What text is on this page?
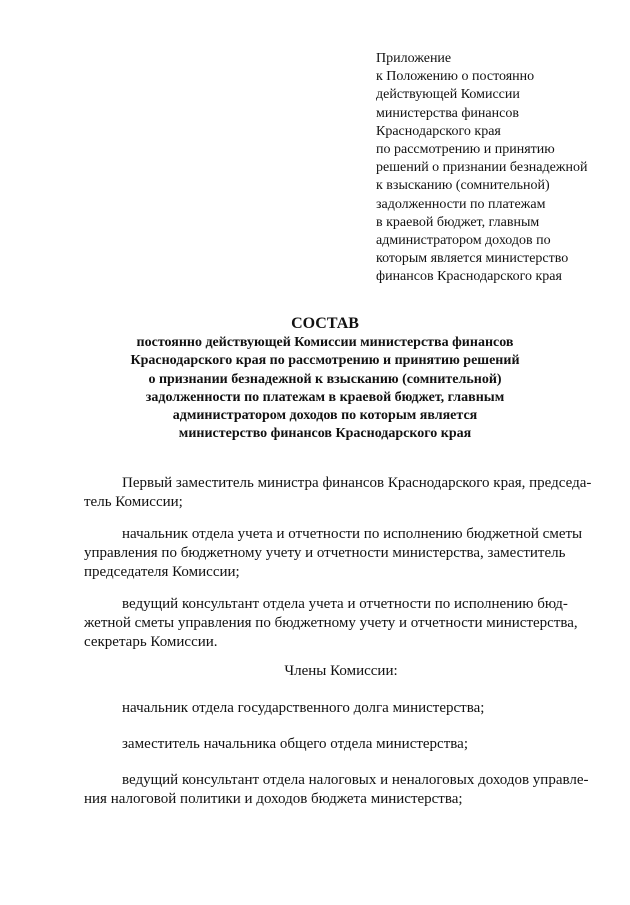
Приложение
к Положению о постоянно
действующей Комиссии
министерства финансов
Краснодарского края
по рассмотрению и принятию
решений о признании безнадежной
к взысканию (сомнительной)
задолженности по платежам
в краевой бюджет, главным
администратором доходов по
которым является министерство
финансов Краснодарского края
СОСТАВ
постоянно действующей Комиссии министерства финансов
Краснодарского края по рассмотрению и принятию решений
о признании безнадежной к взысканию (сомнительной)
задолженности по платежам в краевой бюджет, главным
администратором доходов по которым является
министерство финансов Краснодарского края
Первый заместитель министра финансов Краснодарского края, председа-
тель Комиссии;
начальник отдела учета и отчетности по исполнению бюджетной сметы
управления по бюджетному учету и отчетности министерства, заместитель
председателя Комиссии;
ведущий консультант отдела учета и отчетности по исполнению бюд-
жетной сметы управления по бюджетному учету и отчетности министерства,
секретарь Комиссии.
Члены Комиссии:
начальник отдела государственного долга министерства;
заместитель начальника общего отдела министерства;
ведущий консультант отдела налоговых и неналоговых доходов управле-
ния налоговой политики и доходов бюджета министерства;
